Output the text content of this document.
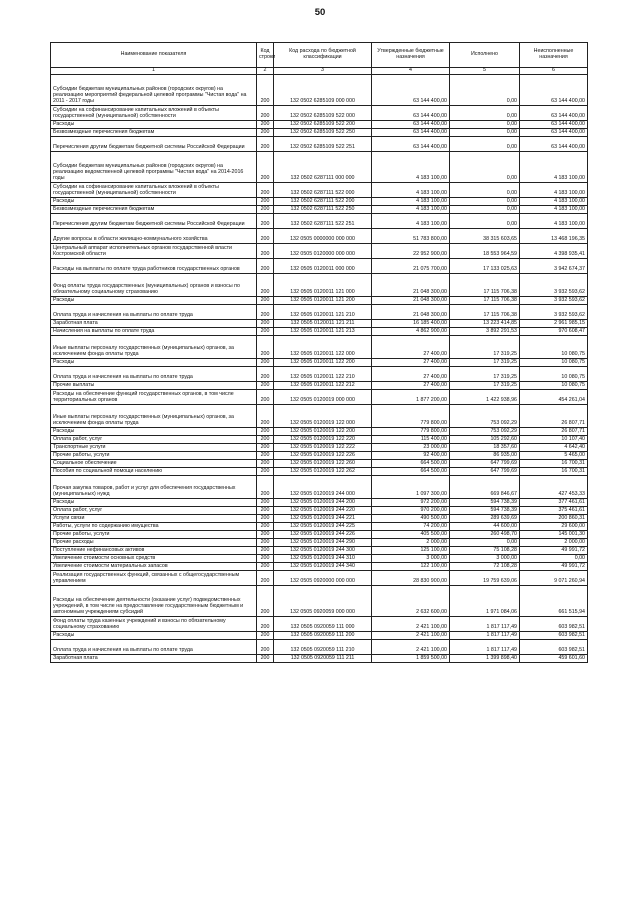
50
Наименование показателя	Код строки	Код расхода по бюджетной классификации	Утвержденные бюджетные назначения	Исполнено	Неисполненные назначения
1	2	3	4	5	6
Субсидии бюджетам муниципальных районов (городских округов) на реализацию мероприятий федеральной целевой программы "Чистая вода" на 2011 - 2017 годы	200	132 0502 6285109 000 000	63 144 400,00	0,00	63 144 400,00
Субсидии на софинансирование капитальных вложений в объекты государственной (муниципальной) собственности	200	132 0502 6285109 522 000	63 144 400,00	0,00	63 144 400,00
Расходы	200	132 0502 6285109 522 200	63 144 400,00	0,00	63 144 400,00
Безвозмездные перечисления бюджетам	200	132 0502 6285109 522 250	63 144 400,00	0,00	63 144 400,00
Перечисления другим бюджетам бюджетной системы Российской Федерации	200	132 0502 6285109 522 251	63 144 400,00	0,00	63 144 400,00
Субсидии бюджетам муниципальных районов (городских округов) на реализацию ведомственной целевой программы "Чистая вода" на 2014-2016 годы	200	132 0502 6287111 000 000	4 183 100,00	0,00	4 183 100,00
Субсидии на софинансирование капитальных вложений в объекты государственной (муниципальной) собственности	200	132 0502 6287111 522 000	4 183 100,00	0,00	4 183 100,00
Расходы	200	132 0502 6287111 522 200	4 183 100,00	0,00	4 183 100,00
Безвозмездные перечисления бюджетам	200	132 0502 6287111 522 250	4 183 100,00	0,00	4 183 100,00
Перечисления другим бюджетам бюджетной системы Российской Федерации	200	132 0502 6287111 522 251	4 183 100,00	0,00	4 183 100,00
Другие вопросы в области жилищно-коммунального хозяйства	200	132 0505 0000000 000 000	51 783 800,00	38 315 603,65	13 468 196,35
Центральный аппарат исполнительных органов государственной власти Костромской области	200	132 0505 0120000 000 000	22 952 900,00	18 553 964,59	4 398 935,41
Расходы на выплаты по оплате труда работников государственных органов	200	132 0505 0120011 000 000	21 075 700,00	17 133 025,63	3 942 674,37
Фонд оплаты труда государственных (муниципальных) органов и взносы по обязательному социальному страхованию	200	132 0505 0120011 121 000	21 048 300,00	17 115 706,38	3 932 593,62
Расходы	200	132 0505 0120011 121 200	21 048 300,00	17 115 706,38	3 932 593,62
Оплата труда и начисления на выплаты по оплате труда	200	132 0505 0120011 121 210	21 048 300,00	17 115 706,38	3 932 593,62
Заработная плата	200	132 0505 0120011 121 211	16 185 400,00	13 223 414,85	2 961 985,15
Начисления на выплаты по оплате труда	200	132 0505 0120011 121 213	4 862 900,00	3 892 291,53	970 608,47
Иные выплаты персоналу государственных (муниципальных) органов, за исключением фонда оплаты труда	200	132 0505 0120011 122 000	27 400,00	17 319,25	10 080,75
Расходы	200	132 0505 0120011 122 200	27 400,00	17 319,25	10 080,75
Оплата труда и начисления на выплаты по оплате труда	200	132 0505 0120011 122 210	27 400,00	17 319,25	10 080,75
Прочие выплаты	200	132 0505 0120011 122 212	27 400,00	17 319,25	10 080,75
Расходы на обеспечение функций государственных органов, в том числе территориальных органов	200	132 0505 0120019 000 000	1 877 200,00	1 422 938,96	454 261,04
Иные выплаты персоналу государственных (муниципальных) органов, за исключением фонда оплаты труда	200	132 0505 0120019 122 000	779 800,00	753 092,29	26 807,71
Расходы	200	132 0505 0120019 122 200	779 800,00	753 092,29	26 807,71
Оплата работ, услуг	200	132 0505 0120019 122 220	115 400,00	105 292,60	10 107,40
Транспортные услуги	200	132 0505 0120019 122 222	23 000,00	18 357,60	4 642,40
Прочие работы, услуги	200	132 0505 0120019 122 226	92 400,00	86 935,00	5 465,00
Социальное обеспечение	200	132 0505 0120019 122 260	664 500,00	647 799,69	16 700,31
Пособия по социальной помощи населению	200	132 0505 0120019 122 262	664 500,00	647 799,69	16 700,31
Прочая закупка товаров, работ и услуг для обеспечения государственных (муниципальных) нужд	200	132 0505 0120019 244 000	1 097 300,00	669 846,67	427 453,33
Расходы	200	132 0505 0120019 244 200	972 200,00	594 738,39	377 461,61
Оплата работ, услуг	200	132 0505 0120019 244 220	970 200,00	594 738,39	375 461,61
Услуги связи	200	132 0505 0120019 244 221	490 500,00	289 639,69	200 860,31
Работы, услуги по содержанию имущества	200	132 0505 0120019 244 225	74 200,00	44 600,00	29 600,00
Прочие работы, услуги	200	132 0505 0120019 244 226	405 500,00	260 498,70	145 001,30
Прочие расходы	200	132 0505 0120019 244 290	2 000,00	0,00	2 000,00
Поступление нефинансовых активов	200	132 0505 0120019 244 300	125 100,00	75 108,28	49 991,72
Увеличение стоимости основных средств	200	132 0505 0120019 244 310	3 000,00	3 000,00	0,00
Увеличение стоимости материальных запасов	200	132 0505 0120019 244 340	122 100,00	72 108,28	49 991,72
Реализация государственных функций, связанных с общегосударственным управлением	200	132 0505 0920000 000 000	28 830 900,00	19 759 639,06	9 071 260,94
Расходы на обеспечение деятельности (оказание услуг) подведомственных учреждений, в том числе на предоставление государственным бюджетным и автономным учреждениям субсидий	200	132 0505 0920059 000 000	2 632 600,00	1 971 084,06	661 515,94
Фонд оплаты труда казенных учреждений и взносы по обязательному социальному страхованию	200	132 0505 0920059 111 000	2 421 100,00	1 817 117,49	603 982,51
Расходы	200	132 0505 0920059 111 200	2 421 100,00	1 817 117,49	603 982,51
Оплата труда и начисления на выплаты по оплате труда	200	132 0505 0920059 111 210	2 421 100,00	1 817 117,49	603 982,51
Заработная плата	200	132 0505 0920059 111 211	1 859 500,00	1 399 898,40	459 601,60
